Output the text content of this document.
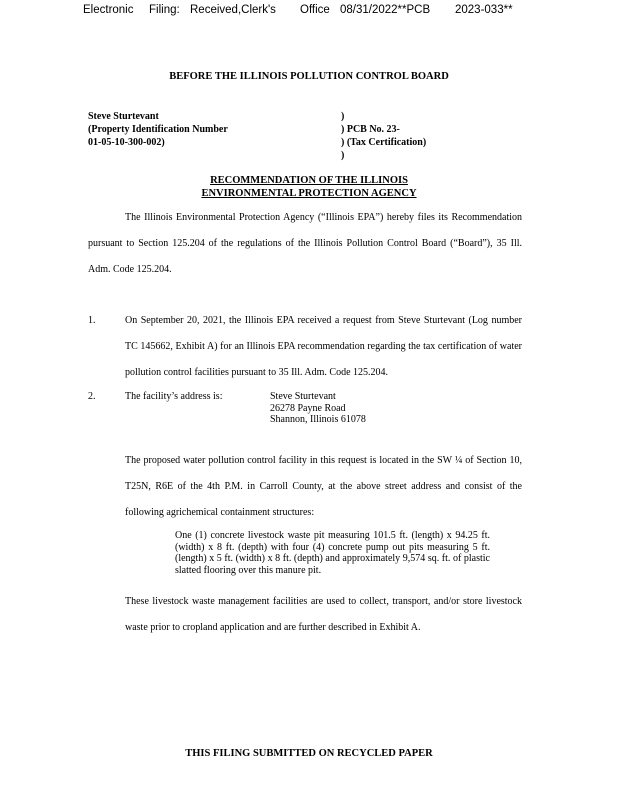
Electronic Filing: Received,Clerk's Office 08/31/2022**PCB 2023-033**
BEFORE THE ILLINOIS POLLUTION CONTROL BOARD
Steve Sturtevant
(Property Identification Number
01-05-10-300-002)
)
) PCB No. 23-
) (Tax Certification)
)
RECOMMENDATION OF THE ILLINOIS
ENVIRONMENTAL PROTECTION AGENCY
The Illinois Environmental Protection Agency (“Illinois EPA”) hereby files its Recommendation pursuant to Section 125.204 of the regulations of the Illinois Pollution Control Board (“Board”), 35 Ill. Adm. Code 125.204.
1.	On September 20, 2021, the Illinois EPA received a request from Steve Sturtevant (Log number TC 145662, Exhibit A) for an Illinois EPA recommendation regarding the tax certification of water pollution control facilities pursuant to 35 Ill. Adm. Code 125.204.
2.	The facility’s address is:	Steve Sturtevant
26278 Payne Road
Shannon, Illinois 61078
The proposed water pollution control facility in this request is located in the SW ¼ of Section 10, T25N, R6E of the 4th P.M. in Carroll County, at the above street address and consist of the following agrichemical containment structures:
One (1) concrete livestock waste pit measuring 101.5 ft. (length) x 94.25 ft. (width) x 8 ft. (depth) with four (4) concrete pump out pits measuring 5 ft. (length) x 5 ft. (width) x 8 ft. (depth) and approximately 9,574 sq. ft. of plastic slatted flooring over this manure pit.
These livestock waste management facilities are used to collect, transport, and/or store livestock waste prior to cropland application and are further described in Exhibit A.
THIS FILING SUBMITTED ON RECYCLED PAPER
